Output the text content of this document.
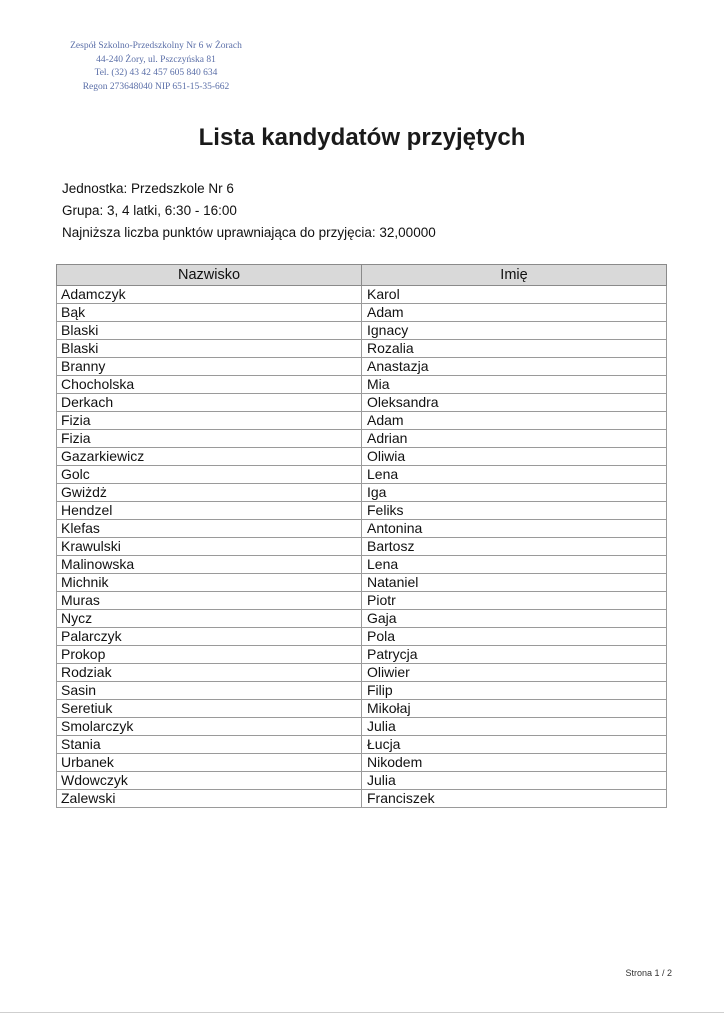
Zespół Szkolno-Przedszkolny Nr 6 w Żorach
44-240 Żory, ul. Pszczyńska 81
Tel. (32) 43 42 457 605 840 634
Regon 273648040 NIP 651-15-35-662
Lista kandydatów przyjętych
Jednostka: Przedszkole Nr 6
Grupa: 3, 4 latki, 6:30 - 16:00
Najniższa liczba punktów uprawniająca do przyjęcia: 32,00000
Nazwisko	Imię
Adamczyk	Karol
Bąk	Adam
Blaski	Ignacy
Blaski	Rozalia
Branny	Anastazja
Chocholska	Mia
Derkach	Oleksandra
Fizia	Adam
Fizia	Adrian
Gazarkiewicz	Oliwia
Golc	Lena
Gwiżdż	Iga
Hendzel	Feliks
Klefas	Antonina
Krawulski	Bartosz
Malinowska	Lena
Michnik	Nataniel
Muras	Piotr
Nycz	Gaja
Palarczyk	Pola
Prokop	Patrycja
Rodziak	Oliwier
Sasin	Filip
Seretiuk	Mikołaj
Smolarczyk	Julia
Stania	Łucja
Urbanek	Nikodem
Wdowczyk	Julia
Zalewski	Franciszek
Strona 1 / 2
